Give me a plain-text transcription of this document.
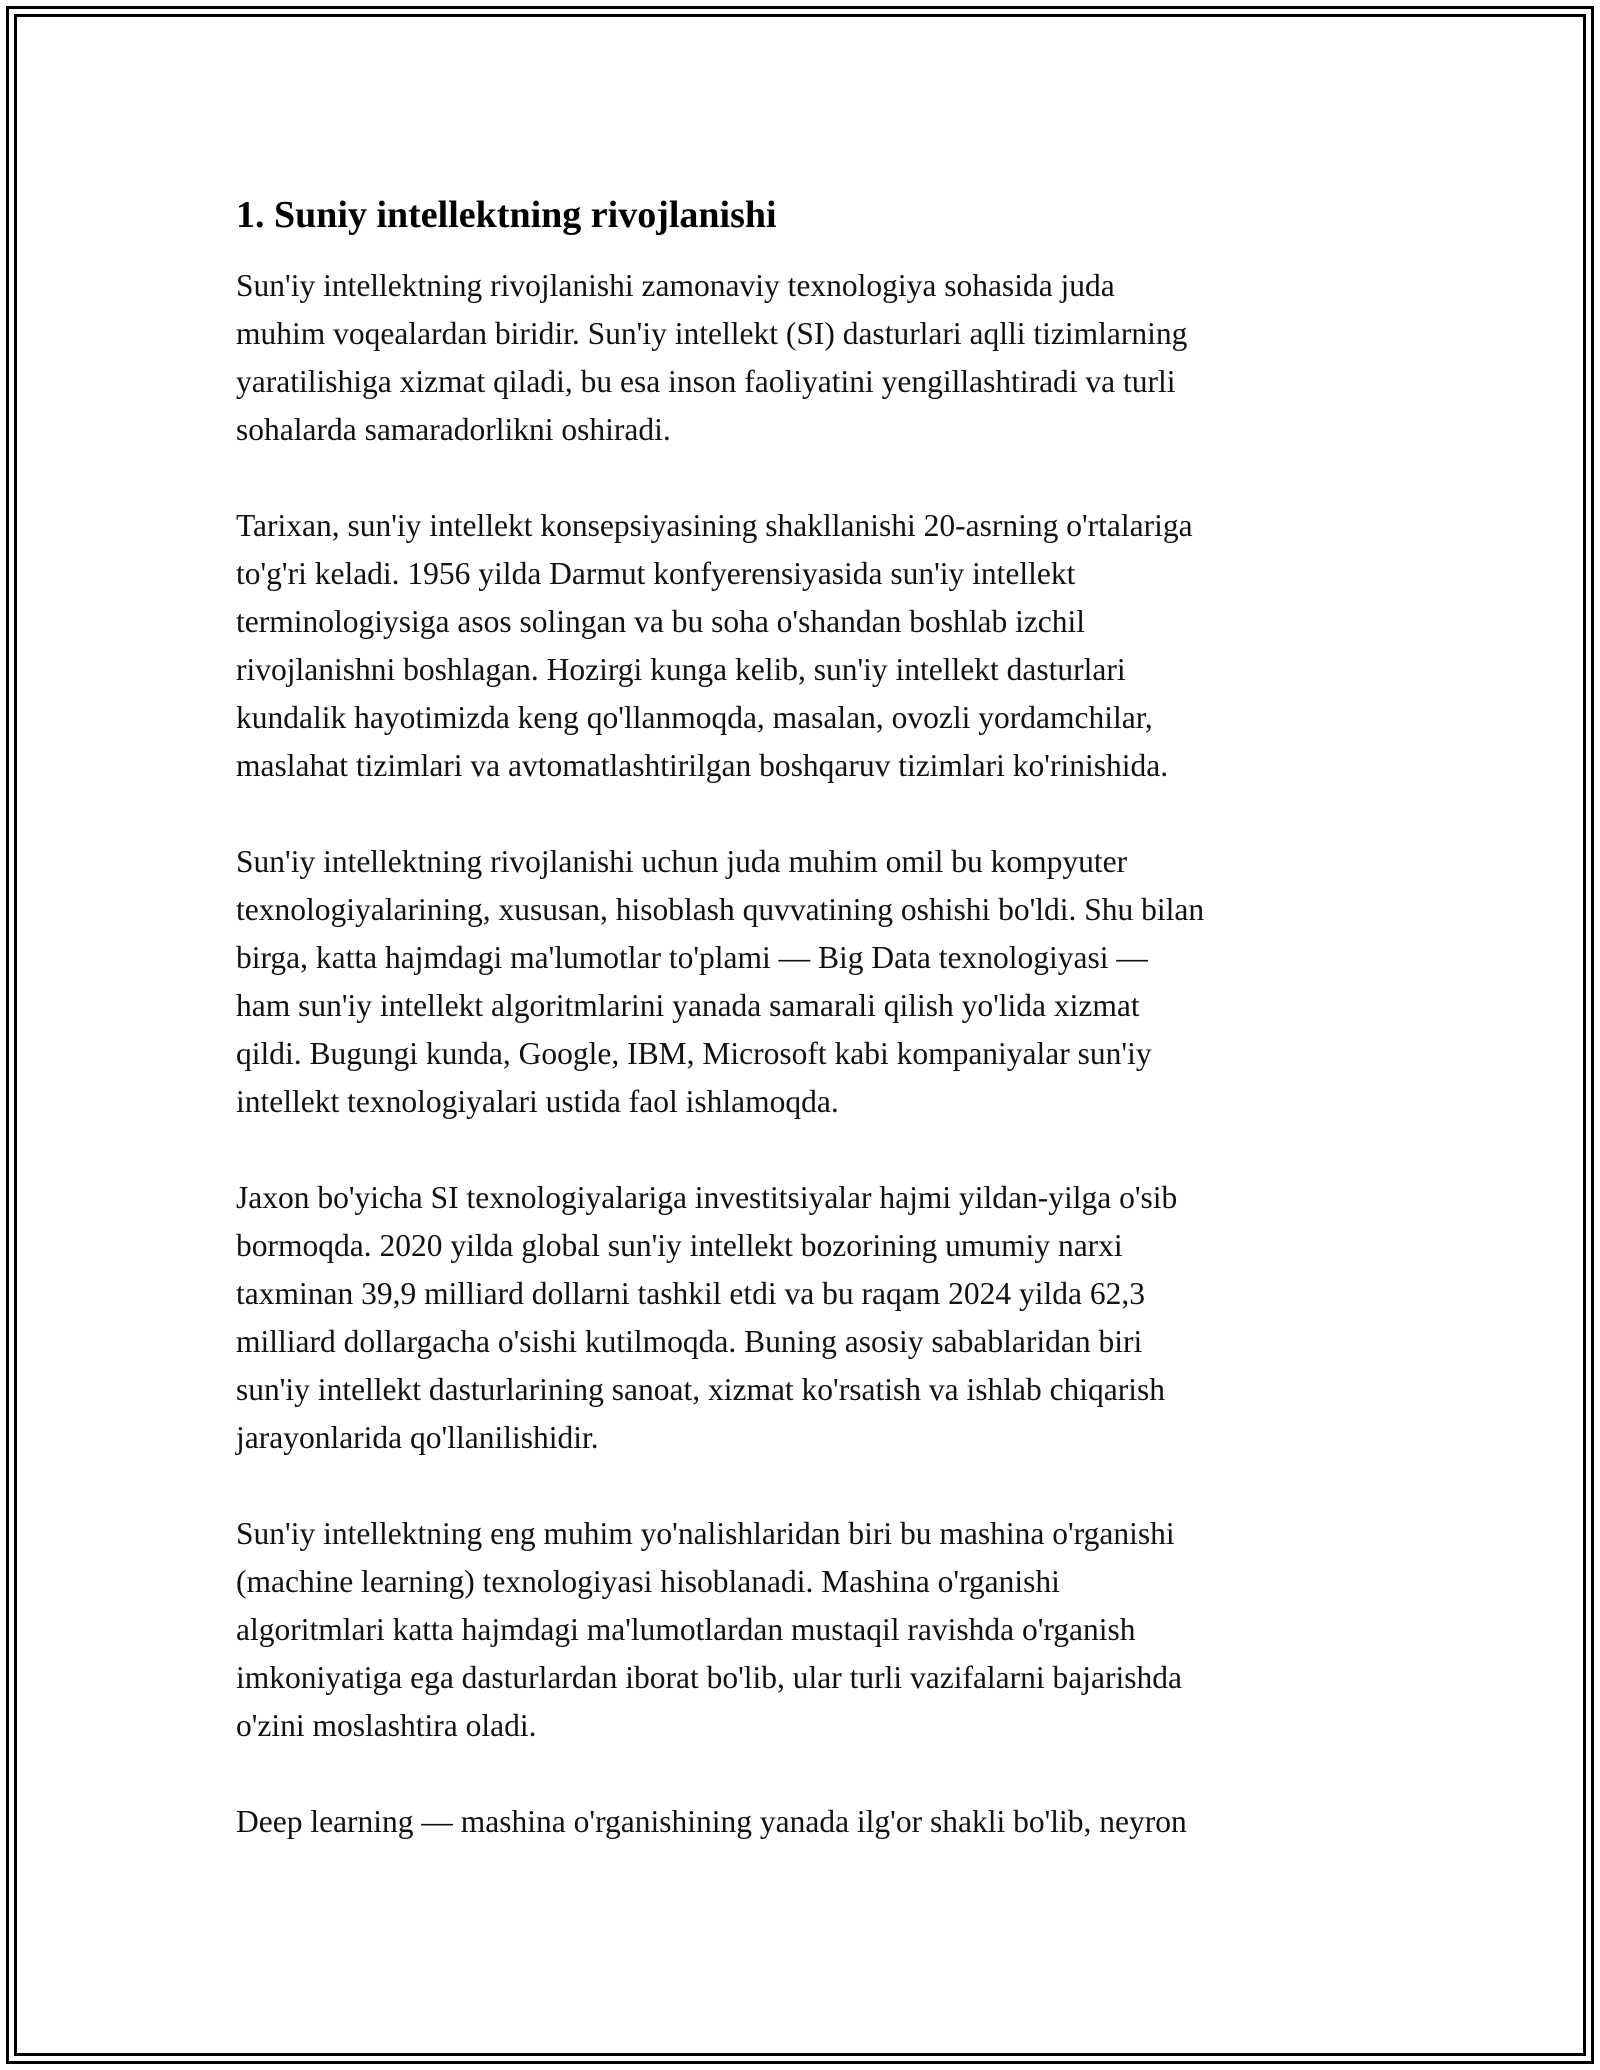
1. Suniy intellektning rivojlanishi

Sun'iy intellektning rivojlanishi zamonaviy texnologiya sohasida juda
muhim voqealardan biridir. Sun'iy intellekt (SI) dasturlari aqlli tizimlarning
yaratilishiga xizmat qiladi, bu esa inson faoliyatini yengillashtiradi va turli
sohalarda samaradorlikni oshiradi.

Tarixan, sun'iy intellekt konsepsiyasining shakllanishi 20-asrning o'rtalariga
to'g'ri keladi. 1956 yilda Darmut konfyerensiyasida sun'iy intellekt
terminologiysiga asos solingan va bu soha o'shandan boshlab izchil
rivojlanishni boshlagan. Hozirgi kunga kelib, sun'iy intellekt dasturlari
kundalik hayotimizda keng qo'llanmoqda, masalan, ovozli yordamchilar,
maslahat tizimlari va avtomatlashtirilgan boshqaruv tizimlari ko'rinishida.

Sun'iy intellektning rivojlanishi uchun juda muhim omil bu kompyuter
texnologiyalarining, xususan, hisoblash quvvatining oshishi bo'ldi. Shu bilan
birga, katta hajmdagi ma'lumotlar to'plami — Big Data texnologiyasi —
ham sun'iy intellekt algoritmlarini yanada samarali qilish yo'lida xizmat
qildi. Bugungi kunda, Google, IBM, Microsoft kabi kompaniyalar sun'iy
intellekt texnologiyalari ustida faol ishlamoqda.

Jaxon bo'yicha SI texnologiyalariga investitsiyalar hajmi yildan-yilga o'sib
bormoqda. 2020 yilda global sun'iy intellekt bozorining umumiy narxi
taxminan 39,9 milliard dollarni tashkil etdi va bu raqam 2024 yilda 62,3
milliard dollargacha o'sishi kutilmoqda. Buning asosiy sabablaridan biri
sun'iy intellekt dasturlarining sanoat, xizmat ko'rsatish va ishlab chiqarish
jarayonlarida qo'llanilishidir.

Sun'iy intellektning eng muhim yo'nalishlaridan biri bu mashina o'rganishi
(machine learning) texnologiyasi hisoblanadi. Mashina o'rganishi
algoritmlari katta hajmdagi ma'lumotlardan mustaqil ravishda o'rganish
imkoniyatiga ega dasturlardan iborat bo'lib, ular turli vazifalarni bajarishda
o'zini moslashtira oladi.

Deep learning — mashina o'rganishining yanada ilg'or shakli bo'lib, neyron
